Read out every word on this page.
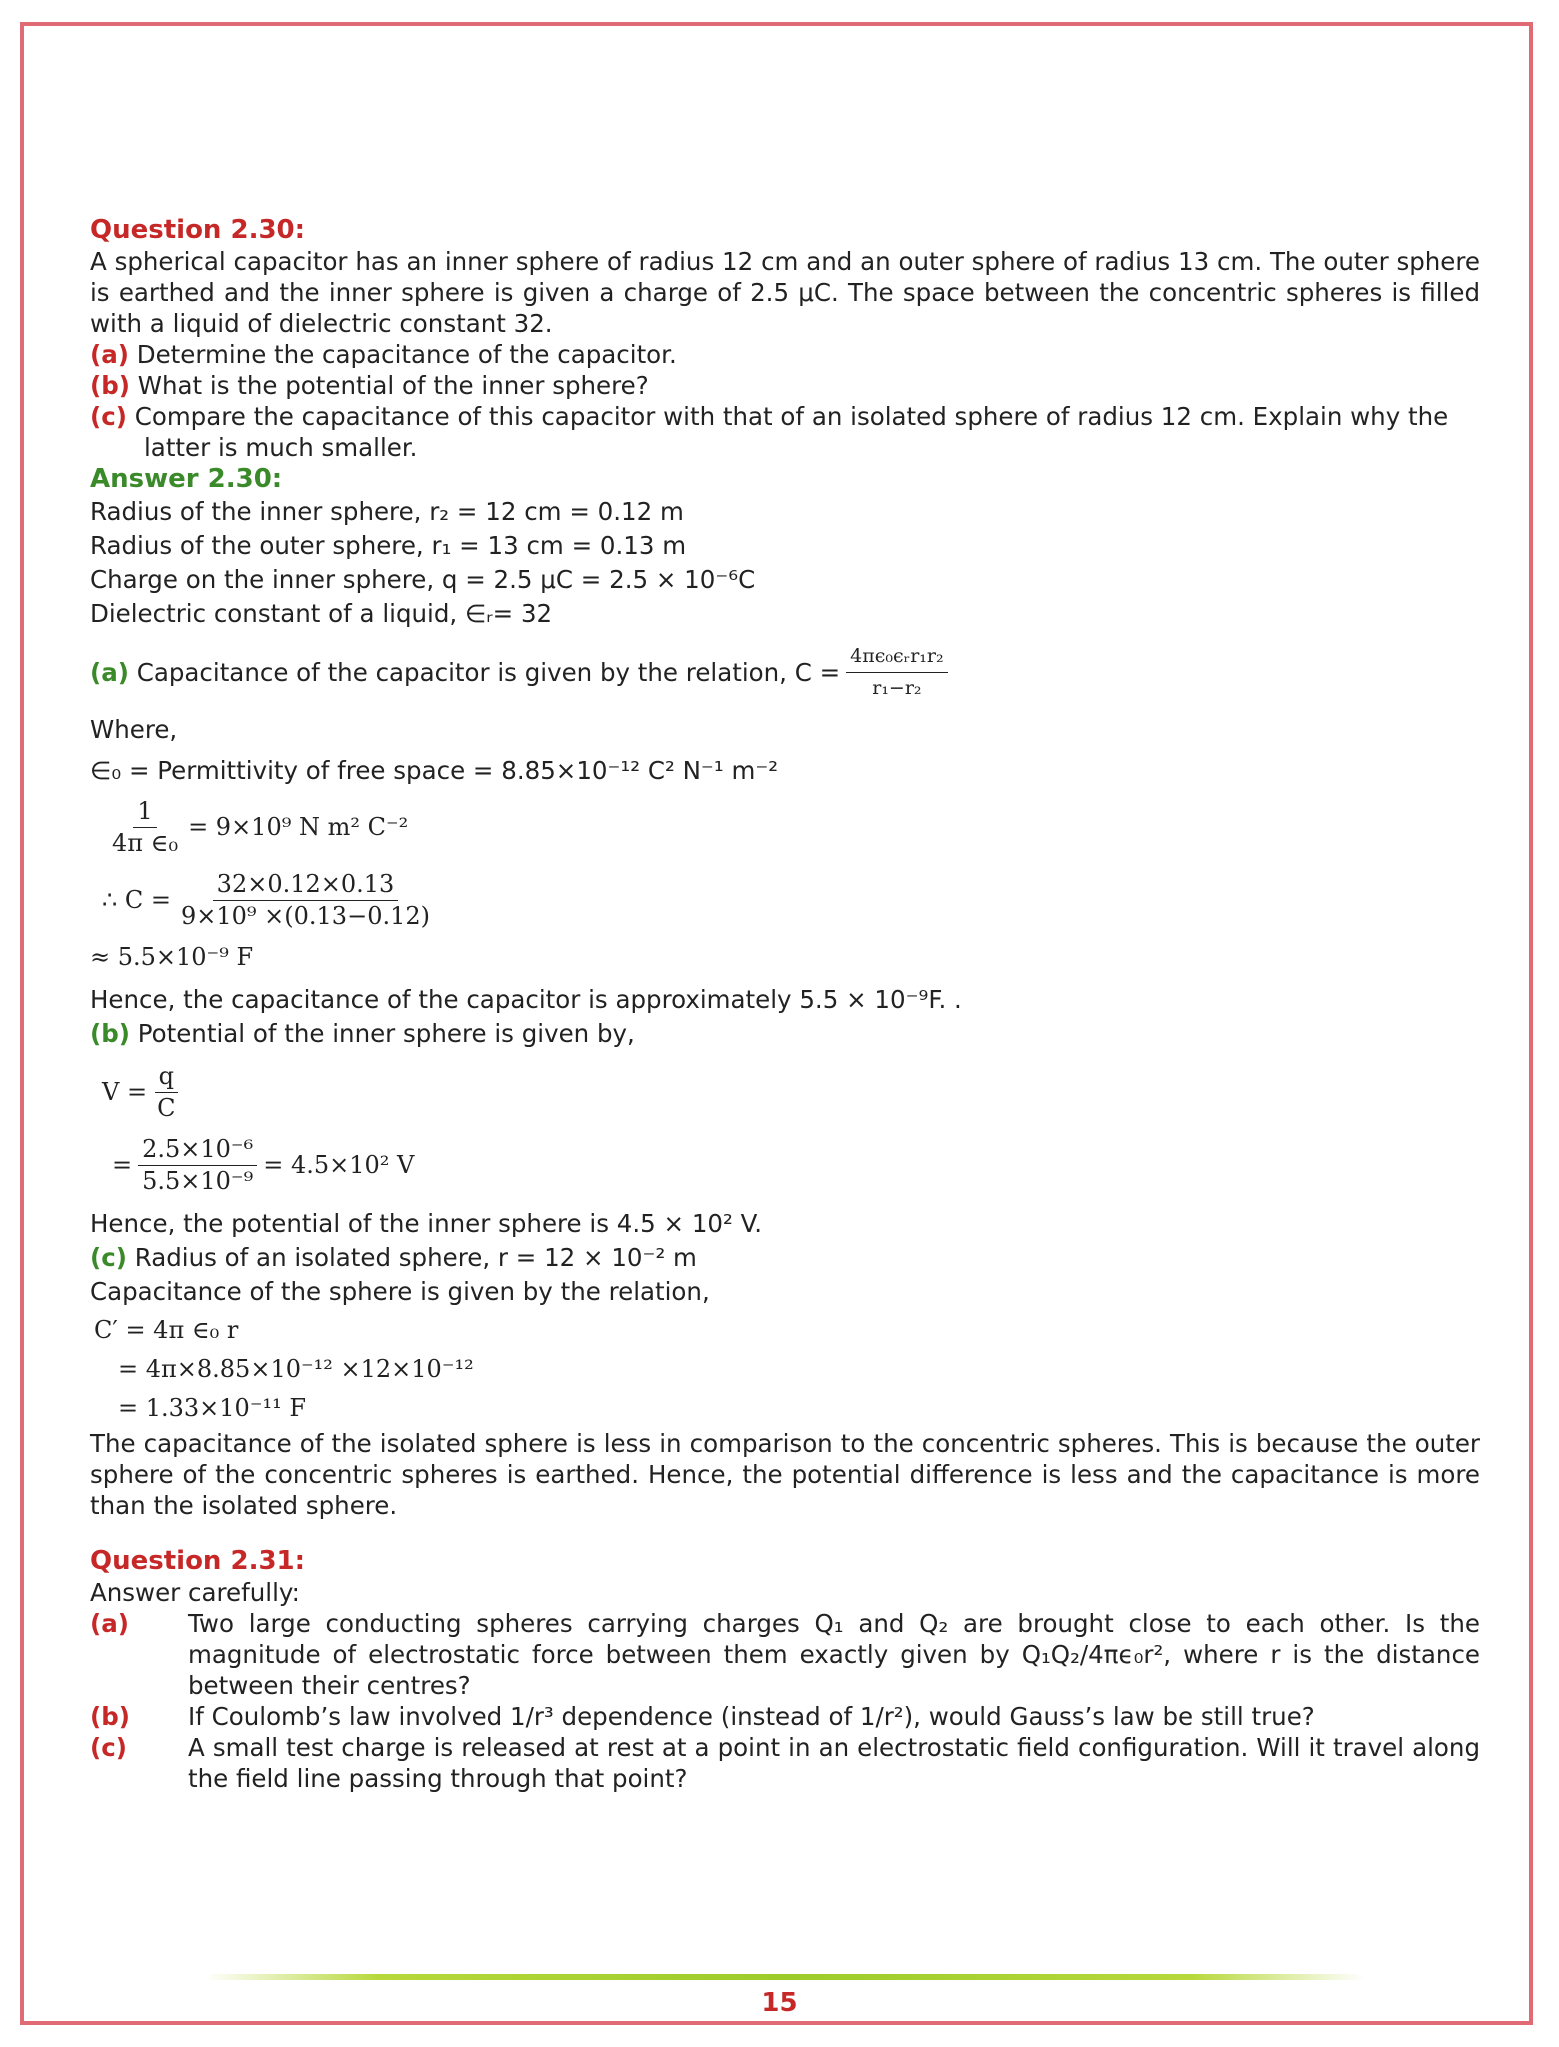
Question 2.30:

A spherical capacitor has an inner sphere of radius 12 cm and an outer sphere of radius 13 cm. The outer sphere is earthed and the inner sphere is given a charge of 2.5 μC. The space between the concentric spheres is filled with a liquid of dielectric constant 32.

(a) Determine the capacitance of the capacitor.

(b) What is the potential of the inner sphere?

(c) Compare the capacitance of this capacitor with that of an isolated sphere of radius 12 cm. Explain why the latter is much smaller.

Answer 2.30:

Radius of the inner sphere, r₂ = 12 cm = 0.12 m

Radius of the outer sphere, r₁ = 13 cm = 0.13 m

Charge on the inner sphere, q = 2.5 μC = 2.5 × 10⁻⁶C

Dielectric constant of a liquid, ∈ᵣ= 32

(a)
Capacitance of the capacitor is given by the relation, $C = \frac{\text{4πϵ₀ϵᵣr₁r₂}}{\text{r₁−r₂}}$

Where,

∈₀ = Permittivity of free space = 8.85×10⁻¹² C² N⁻¹ m⁻²

$\frac{1}{\text{4π ∈₀}} = 9\times 10^9$ N m² C⁻²
∴ $C = \frac{32\times 0.12\times 0.13}{\text{9×10⁹ ×(0.13−0.12)}}$

≈ 5.5×10⁻⁹ F

Hence, the capacitance of the capacitor is approximately 5.5 × 10⁻⁹F. .

(b) Potential of the inner sphere is given by,

$V = \frac{q}{C}$
= $\frac{\text{2.5×10⁻⁶}}{\text{5.5×10⁻⁹}} = 4.5\times 10^2$ V

Hence, the potential of the inner sphere is 4.5 × 10² V.

(c) Radius of an isolated sphere, r = 12 × 10⁻² m

Capacitance of the sphere is given by the relation,

C′ = 4π ∈₀ r

= 4π×8.85×10⁻¹² ×12×10⁻¹²

= 1.33×10⁻¹¹ F

The capacitance of the isolated sphere is less in comparison to the concentric spheres. This is because the outer sphere of the concentric spheres is earthed. Hence, the potential difference is less and the capacitance is more than the isolated sphere.

Question 2.31:

Answer carefully:

(a)	Two large conducting spheres carrying charges Q₁ and Q₂ are brought close to each other. Is the magnitude of electrostatic force between them exactly given by Q₁Q₂/4πϵ₀r², where r is the distance between their centres?
(b)	If Coulomb’s law involved 1/r³ dependence (instead of 1/r²), would Gauss’s law be still true?
(c)	A small test charge is released at rest at a point in an electrostatic field configuration. Will it travel along the field line passing through that point?
15
